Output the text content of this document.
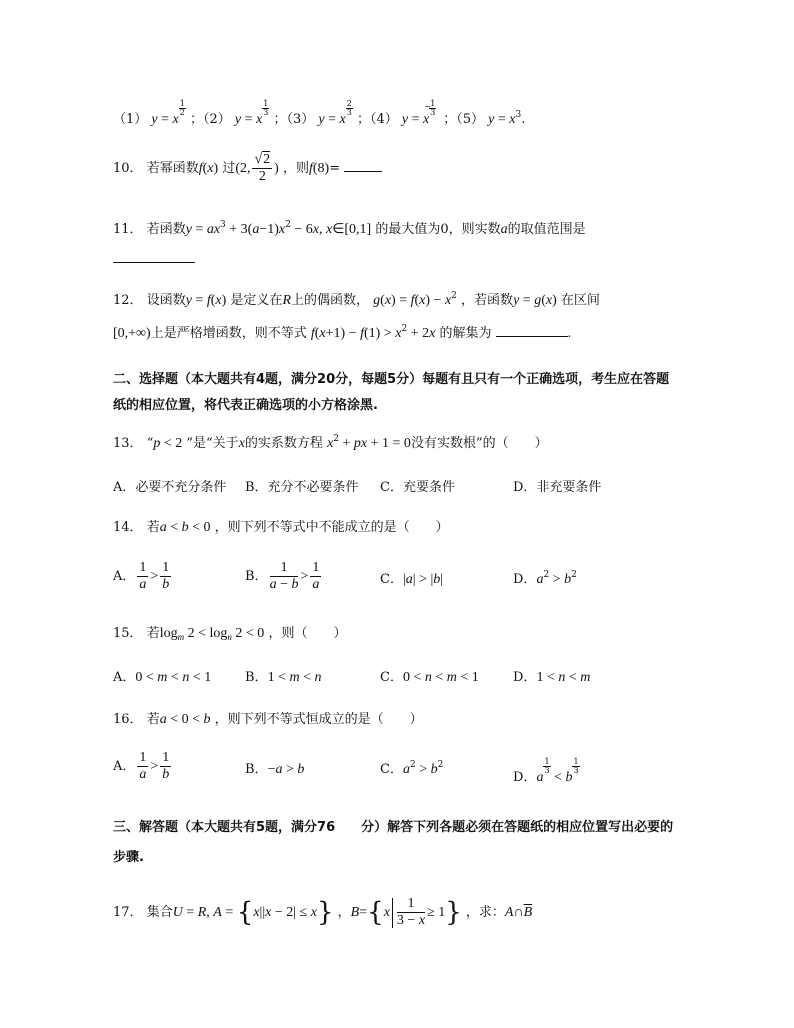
（1） y = x
$^{\frac{1}{2}}$
；（2） y = x
$^{\frac{1}{3}}$
；（3） y = x
$^{\frac{2}{3}}$
；（4） y = x
$^{\frac{1}{3}}$
− ；（5） $y = x^3$.
10． 若幂函数f(x) 过(2, $\frac{√2}{2}$ ) ，则f(8)=
11． 若函数$y = ax^3 + 3(a-1)x^2 - 6x$, x∈[0,1] 的最大值为0，则实数a的取值范围是
12． 设函数y = f(x) 是定义在R上的偶函数， $g(x) = f(x) - x^2$ ，若函数y = g(x) 在区间
[0,+∞)上是严格增函数，则不等式 $f(x+1) - f(1) > x^2 + 2x$ 的解集为	.
二、选择题（本大题共有4题，满分20分，每题5分）每题有且只有一个正确选项，考生应在答题
纸的相应位置，将代表正确选项的小方格涂黑.
13． “p < 2 ”是“关于x的实系数方程 $x^2$ + px + 1 = 0没有实数根”的（　　）
A．必要不充分条件 B．充分不必要条件 C．充要条件	D．非充要条件
14． 若a < b < 0 ，则下列不等式中不能成立的是（　　）
A． $\frac{1}{a} > \frac{1}{b}$	B． $\frac{1}{a - b} > \frac{1}{a}$	C．|a| > |b|	D．$a^2 > b^2$
15． 若$\log_m 2 < \log_n 2 < 0$ ，则（　　）
A．0 < m < n < 1	B．1 < m < n	C．0 < n < m < 1	D．1 < n < m
16． 若a < 0 < b ，则下列不等式恒成立的是（　　）
A． $\frac{1}{a} > \frac{1}{b}$	B．−a > b	C．$a^2 > b^2$
D．a
$^{\frac{1}{3}}$
< b
$^{\frac{1}{3}}$
三、解答题（本大题共有5题，满分76　　分）解答下列各题必须在答题纸的相应位置写出必要的
步骤.
17． 集合U = R, A = {x||x − 2| ≤ x} ，$B=\{x \frac{1}{3 - x} \ge 1\}$ ，求：$A\cap\overline{B}$
